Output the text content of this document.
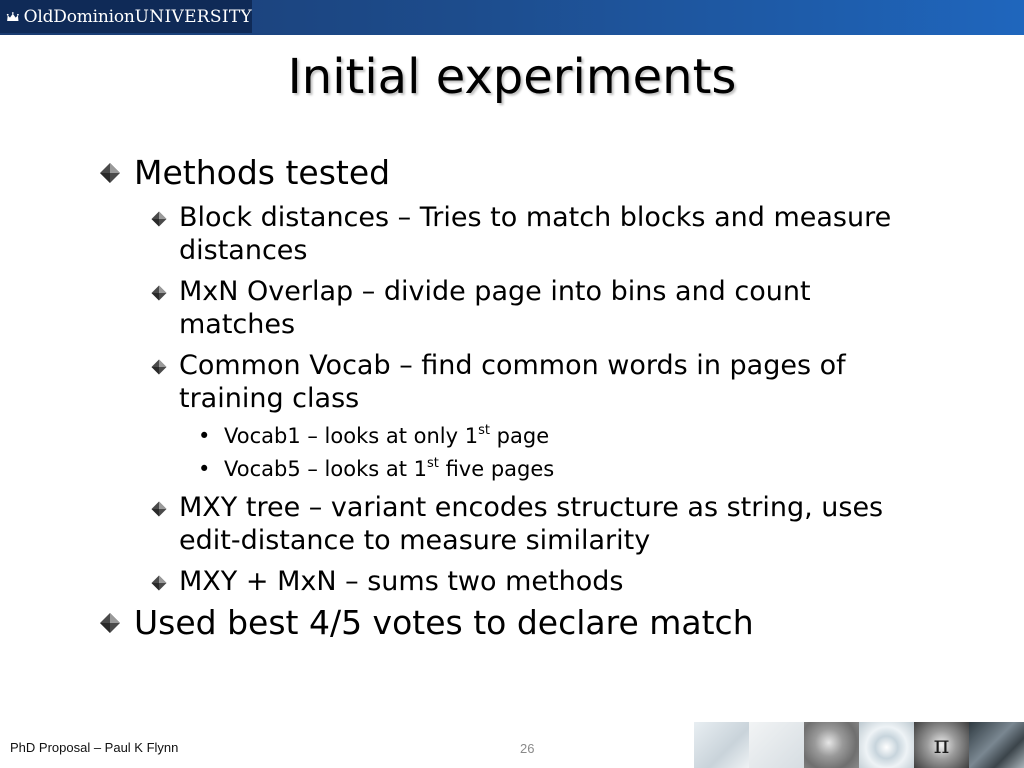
OldDominion UNIVERSITY
Initial experiments
Methods tested
Block distances – Tries to match blocks and measure distances
MxN Overlap – divide page into bins and count matches
Common Vocab – find common words in pages of training class
• Vocab1 – looks at only 1st page
• Vocab5 – looks at 1st five pages
MXY tree – variant encodes structure as string, uses edit-distance to measure similarity
MXY + MxN – sums two methods
Used best 4/5 votes to declare match
PhD Proposal – Paul K Flynn	26	π
